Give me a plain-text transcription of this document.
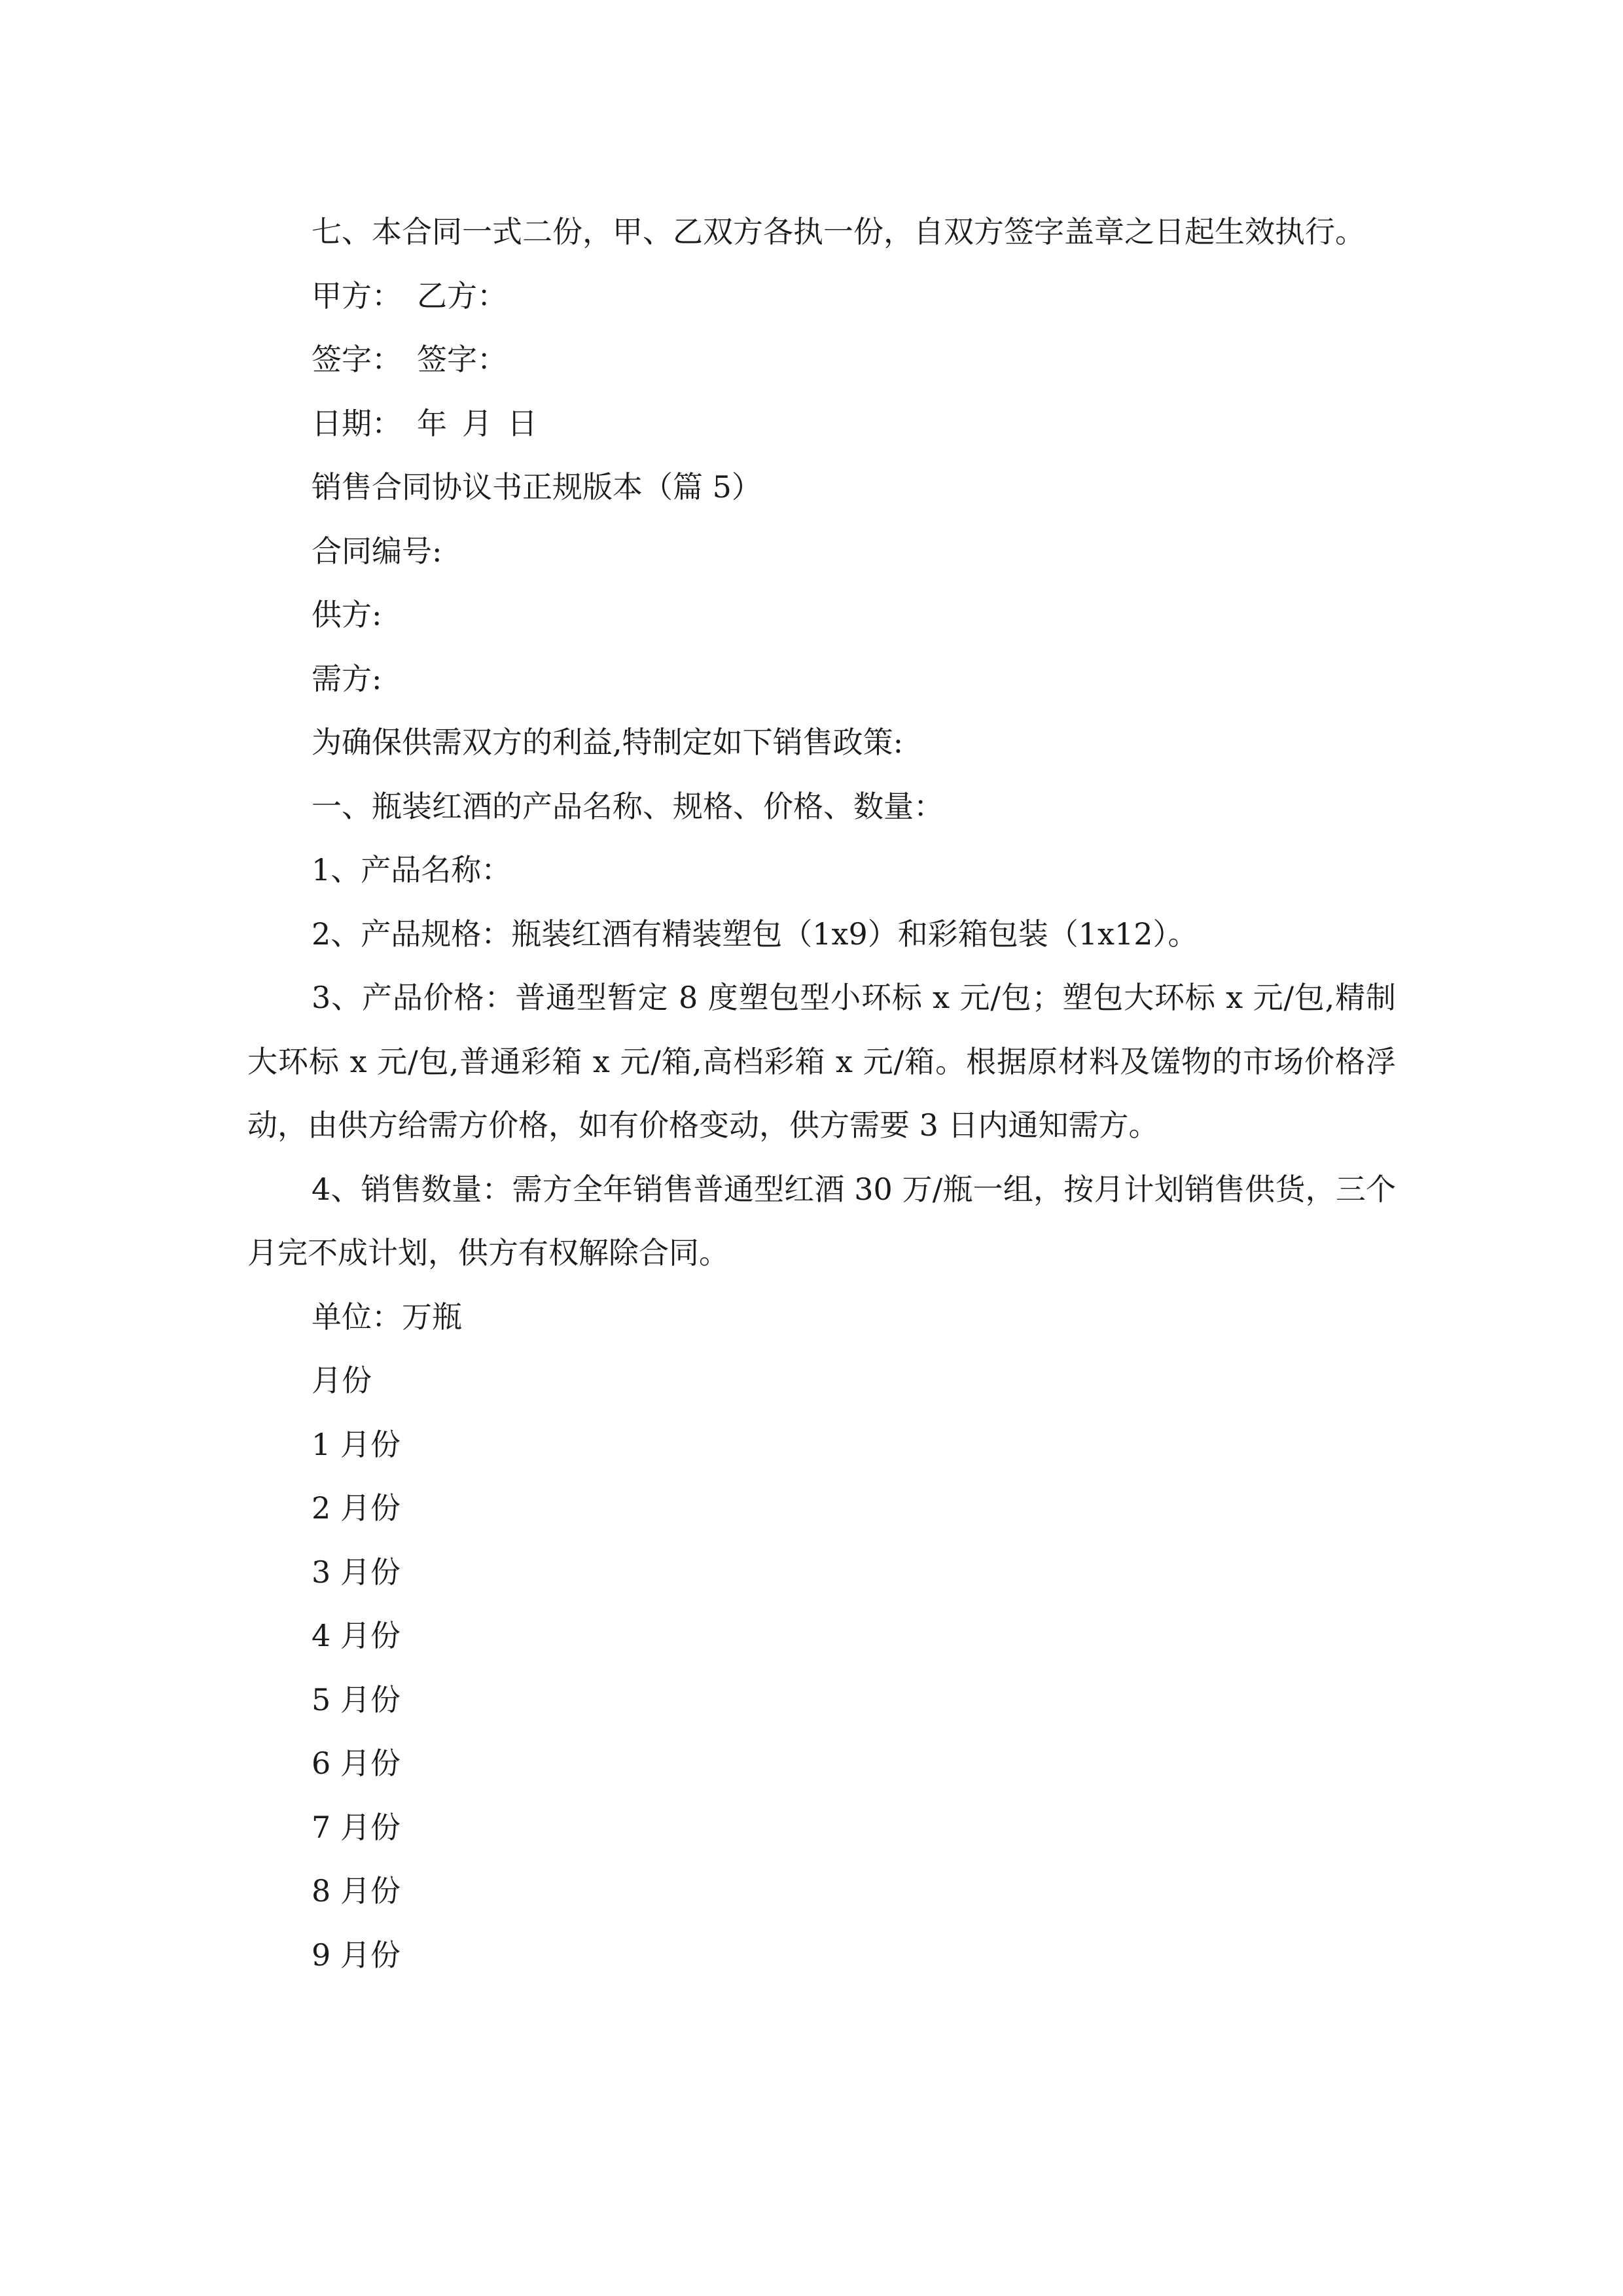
七、本合同一式二份，甲、乙双方各执一份，自双方签字盖章之日起生效执行。

甲方： 乙方：

签字： 签字：

日期： 年 月 日

销售合同协议书正规版本（篇 5）

合同编号:

供方:

需方:

为确保供需双方的利益,特制定如下销售政策:

一、瓶装红酒的产品名称、规格、价格、数量：

1、产品名称：

2、产品规格：瓶装红酒有精装塑包（1x9）和彩箱包装（1x12）。

3、产品价格：普通型暂定 8 度塑包型小环标 x 元/包；塑包大环标 x 元/包,精制大环标 x 元/包,普通彩箱 x 元/箱,高档彩箱 x 元/箱。根据原材料及馐物的市场价格浮动，由供方给需方价格，如有价格变动，供方需要 3 日内通知需方。

4、销售数量：需方全年销售普通型红酒 30 万/瓶一组，按月计划销售供货，三个月完不成计划，供方有权解除合同。

单位：万瓶

月份

1 月份

2 月份

3 月份

4 月份

5 月份

6 月份

7 月份

8 月份

9 月份
